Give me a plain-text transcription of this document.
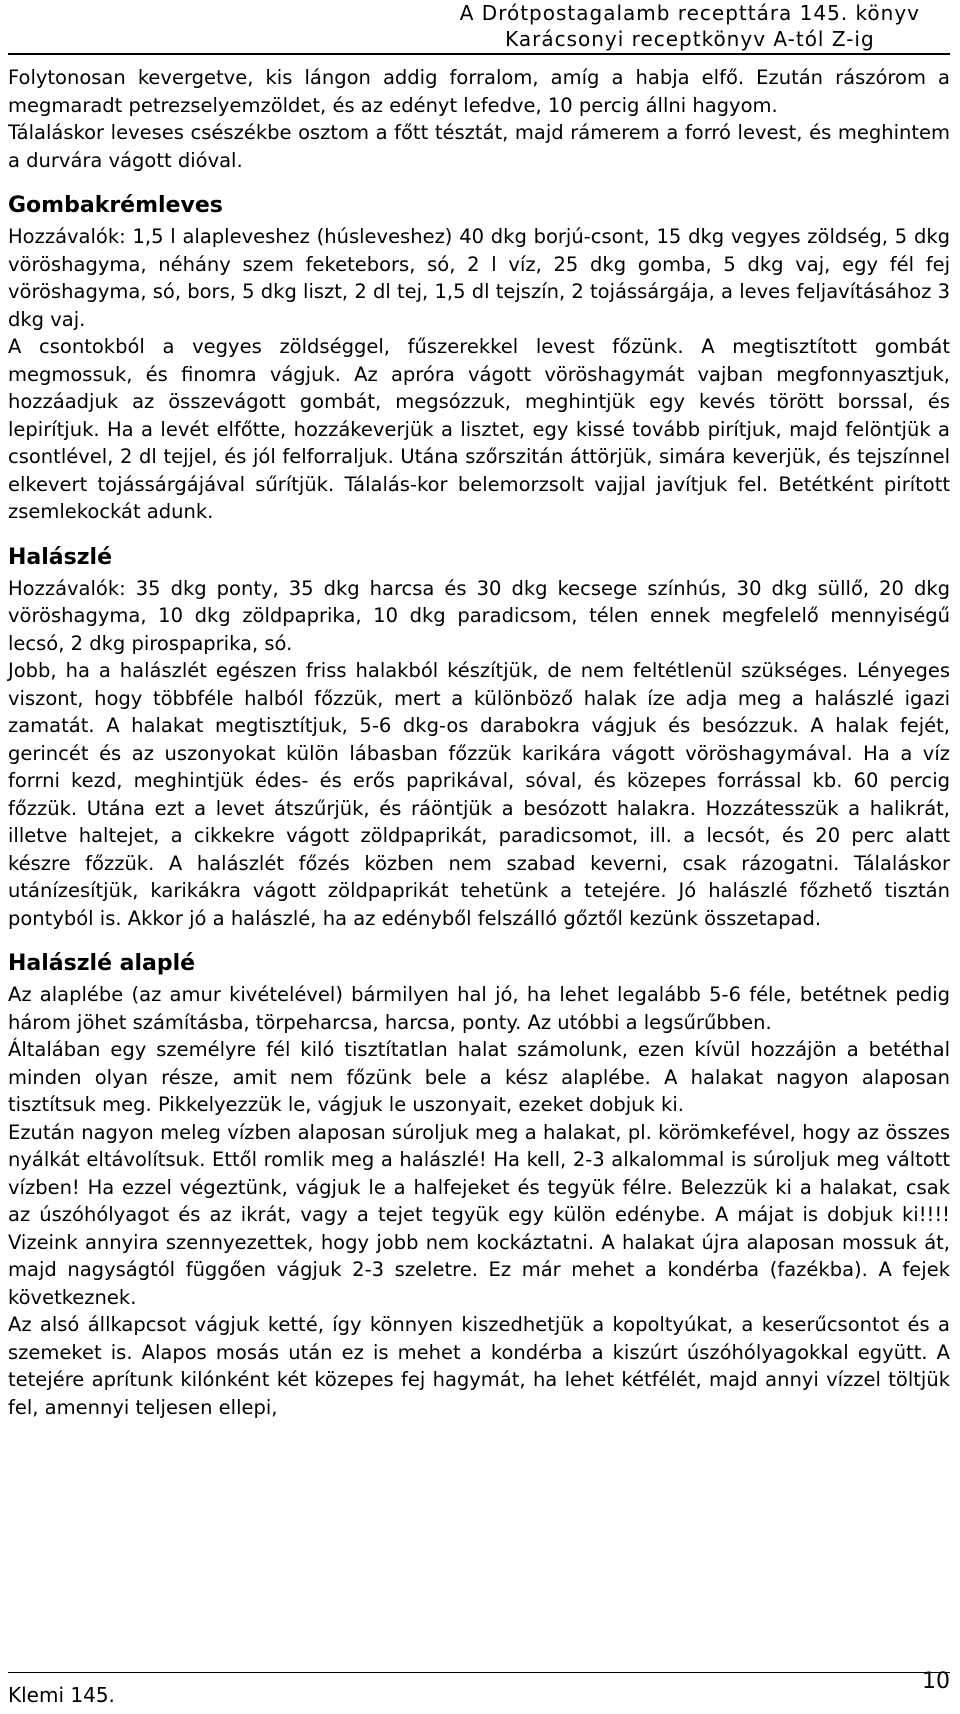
A Drótpostagalamb recepttára 145. könyv
Karácsonyi receptkönyv A-tól Z-ig

Folytonosan kevergetve, kis lángon addig forralom, amíg a habja elfő. Ezután rászórom a megmaradt petrezselyemzöldet, és az edényt lefedve, 10 percig állni hagyom.

Tálaláskor leveses csészékbe osztom a főtt tésztát, majd rámerem a forró levest, és meghintem a durvára vágott dióval.

Gombakrémleves

Hozzávalók: 1,5 l alapleveshez (húsleveshez) 40 dkg borjú-csont, 15 dkg vegyes zöldség, 5 dkg vöröshagyma, néhány szem feketebors, só, 2 l víz, 25 dkg gomba, 5 dkg vaj, egy fél fej vöröshagyma, só, bors, 5 dkg liszt, 2 dl tej, 1,5 dl tejszín, 2 tojássárgája, a leves feljavításához 3 dkg vaj.

A csontokból a vegyes zöldséggel, fűszerekkel levest főzünk. A megtisztított gombát megmossuk, és finomra vágjuk. Az apróra vágott vöröshagymát vajban megfonnyasztjuk, hozzáadjuk az összevágott gombát, megsózzuk, meghintjük egy kevés törött borssal, és lepirítjuk. Ha a levét elfőtte, hozzákeverjük a lisztet, egy kissé tovább pirítjuk, majd felöntjük a csontlével, 2 dl tejjel, és jól felforraljuk. Utána szőrszitán áttörjük, simára keverjük, és tejszínnel elkevert tojássárgájával sűrítjük. Tálalás-kor belemorzsolt vajjal javítjuk fel. Betétként pirított zsemlekockát adunk.

Halászlé

Hozzávalók: 35 dkg ponty, 35 dkg harcsa és 30 dkg kecsege színhús, 30 dkg süllő, 20 dkg vöröshagyma, 10 dkg zöldpaprika, 10 dkg paradicsom, télen ennek megfelelő mennyiségű lecsó, 2 dkg pirospaprika, só.

Jobb, ha a halászlét egészen friss halakból készítjük, de nem feltétlenül szükséges. Lényeges viszont, hogy többféle halból főzzük, mert a különböző halak íze adja meg a halászlé igazi zamatát. A halakat megtisztítjuk, 5-6 dkg-os darabokra vágjuk és besózzuk. A halak fejét, gerincét és az uszonyokat külön lábasban főzzük karikára vágott vöröshagymával. Ha a víz forrni kezd, meghintjük édes- és erős paprikával, sóval, és közepes forrással kb. 60 percig főzzük. Utána ezt a levet átszűrjük, és ráöntjük a besózott halakra. Hozzátesszük a halikrát, illetve haltejet, a cikkekre vágott zöldpaprikát, paradicsomot, ill. a lecsót, és 20 perc alatt készre főzzük. A halászlét főzés közben nem szabad keverni, csak rázogatni. Tálaláskor utánízesítjük, karikákra vágott zöldpaprikát tehetünk a tetejére. Jó halászlé főzhető tisztán pontyból is. Akkor jó a halászlé, ha az edényből felszálló gőztől kezünk összetapad.

Halászlé alaplé

Az alaplébe (az amur kivételével) bármilyen hal jó, ha lehet legalább 5-6 féle, betétnek pedig három jöhet számításba, törpeharcsa, harcsa, ponty. Az utóbbi a legsűrűbben.

Általában egy személyre fél kiló tisztítatlan halat számolunk, ezen kívül hozzájön a betéthal minden olyan része, amit nem főzünk bele a kész alaplébe. A halakat nagyon alaposan tisztítsuk meg. Pikkelyezzük le, vágjuk le uszonyait, ezeket dobjuk ki.

Ezután nagyon meleg vízben alaposan súroljuk meg a halakat, pl. körömkefével, hogy az összes nyálkát eltávolítsuk. Ettől romlik meg a halászlé! Ha kell, 2-3 alkalommal is súroljuk meg váltott vízben! Ha ezzel végeztünk, vágjuk le a halfejeket és tegyük félre. Belezzük ki a halakat, csak az úszóhólyagot és az ikrát, vagy a tejet tegyük egy külön edénybe. A májat is dobjuk ki!!!! Vizeink annyira szennyezettek, hogy jobb nem kockáztatni. A halakat újra alaposan mossuk át, majd nagyságtól függően vágjuk 2-3 szeletre. Ez már mehet a kondérba (fazékba). A fejek következnek.

Az alsó állkapcsot vágjuk ketté, így könnyen kiszedhetjük a kopoltyúkat, a keserűcsontot és a szemeket is. Alapos mosás után ez is mehet a kondérba a kiszúrt úszóhólyagokkal együtt. A tetejére aprítunk kilónként két közepes fej hagymát, ha lehet kétfélét, majd annyi vízzel töltjük fel, amennyi teljesen ellepi,

Klemi 145.
10
